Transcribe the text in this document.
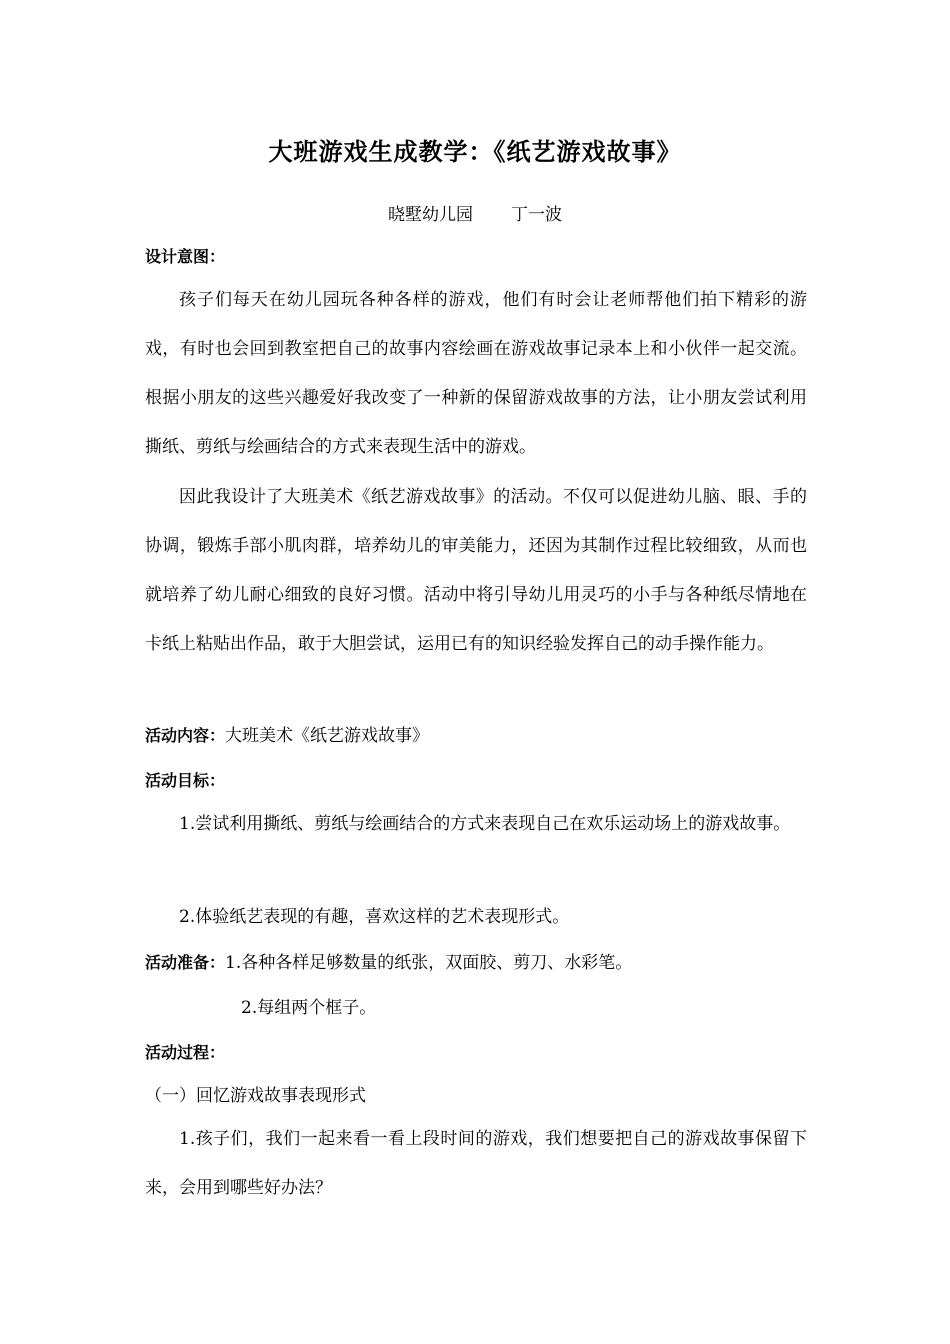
大班游戏生成教学：《纸艺游戏故事》
晓墅幼儿园 丁一波
设计意图：
孩子们每天在幼儿园玩各种各样的游戏，他们有时会让老师帮他们拍下精彩的游戏，有时也会回到教室把自己的故事内容绘画在游戏故事记录本上和小伙伴一起交流。根据小朋友的这些兴趣爱好我改变了一种新的保留游戏故事的方法，让小朋友尝试利用撕纸、剪纸与绘画结合的方式来表现生活中的游戏。
因此我设计了大班美术《纸艺游戏故事》的活动。不仅可以促进幼儿脑、眼、手的协调，锻炼手部小肌肉群，培养幼儿的审美能力，还因为其制作过程比较细致，从而也就培养了幼儿耐心细致的良好习惯。活动中将引导幼儿用灵巧的小手与各种纸尽情地在卡纸上粘贴出作品，敢于大胆尝试，运用已有的知识经验发挥自己的动手操作能力。
活动内容：大班美术《纸艺游戏故事》
活动目标：
1.尝试利用撕纸、剪纸与绘画结合的方式来表现自己在欢乐运动场上的游戏故事。
2.体验纸艺表现的有趣，喜欢这样的艺术表现形式。
活动准备：1.各种各样足够数量的纸张，双面胶、剪刀、水彩笔。
2.每组两个框子。
活动过程：
（一）回忆游戏故事表现形式
1.孩子们，我们一起来看一看上段时间的游戏，我们想要把自己的游戏故事保留下来，会用到哪些好办法？
